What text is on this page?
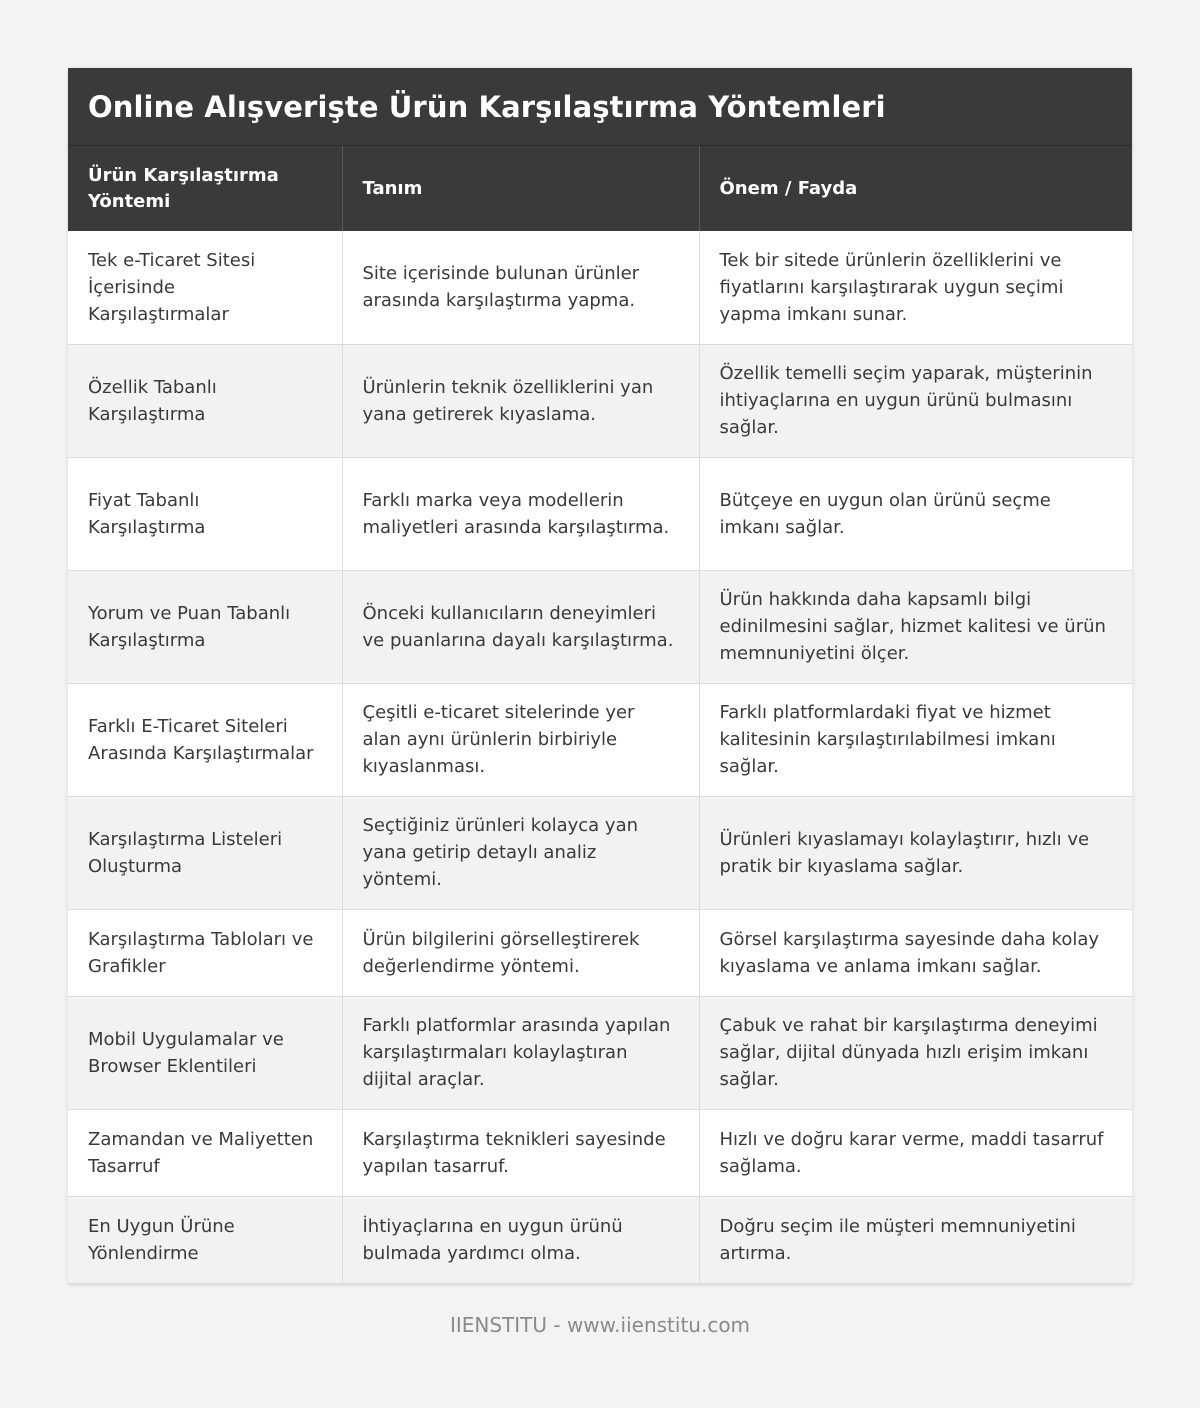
Online Alışverişte Ürün Karşılaştırma Yöntemleri
Ürün Karşılaştırma Yöntemi	Tanım	Önem / Fayda
Tek e-Ticaret Sitesi İçerisinde Karşılaştırmalar	Site içerisinde bulunan ürünler arasında karşılaştırma yapma.	Tek bir sitede ürünlerin özelliklerini ve fiyatlarını karşılaştırarak uygun seçimi yapma imkanı sunar.
Özellik Tabanlı Karşılaştırma	Ürünlerin teknik özelliklerini yan yana getirerek kıyaslama.	Özellik temelli seçim yaparak, müşterinin ihtiyaçlarına en uygun ürünü bulmasını sağlar.
Fiyat Tabanlı Karşılaştırma	Farklı marka veya modellerin maliyetleri arasında karşılaştırma.	Bütçeye en uygun olan ürünü seçme imkanı sağlar.
Yorum ve Puan Tabanlı Karşılaştırma	Önceki kullanıcıların deneyimleri ve puanlarına dayalı karşılaştırma.	Ürün hakkında daha kapsamlı bilgi edinilmesini sağlar, hizmet kalitesi ve ürün memnuniyetini ölçer.
Farklı E-Ticaret Siteleri Arasında Karşılaştırmalar	Çeşitli e-ticaret sitelerinde yer alan aynı ürünlerin birbiriyle kıyaslanması.	Farklı platformlardaki fiyat ve hizmet kalitesinin karşılaştırılabilmesi imkanı sağlar.
Karşılaştırma Listeleri Oluşturma	Seçtiğiniz ürünleri kolayca yan yana getirip detaylı analiz yöntemi.	Ürünleri kıyaslamayı kolaylaştırır, hızlı ve pratik bir kıyaslama sağlar.
Karşılaştırma Tabloları ve Grafikler	Ürün bilgilerini görselleştirerek değerlendirme yöntemi.	Görsel karşılaştırma sayesinde daha kolay kıyaslama ve anlama imkanı sağlar.
Mobil Uygulamalar ve Browser Eklentileri	Farklı platformlar arasında yapılan karşılaştırmaları kolaylaştıran dijital araçlar.	Çabuk ve rahat bir karşılaştırma deneyimi sağlar, dijital dünyada hızlı erişim imkanı sağlar.
Zamandan ve Maliyetten Tasarruf	Karşılaştırma teknikleri sayesinde yapılan tasarruf.	Hızlı ve doğru karar verme, maddi tasarruf sağlama.
En Uygun Ürüne Yönlendirme	İhtiyaçlarına en uygun ürünü bulmada yardımcı olma.	Doğru seçim ile müşteri memnuniyetini artırma.
IIENSTITU - www.iienstitu.com
